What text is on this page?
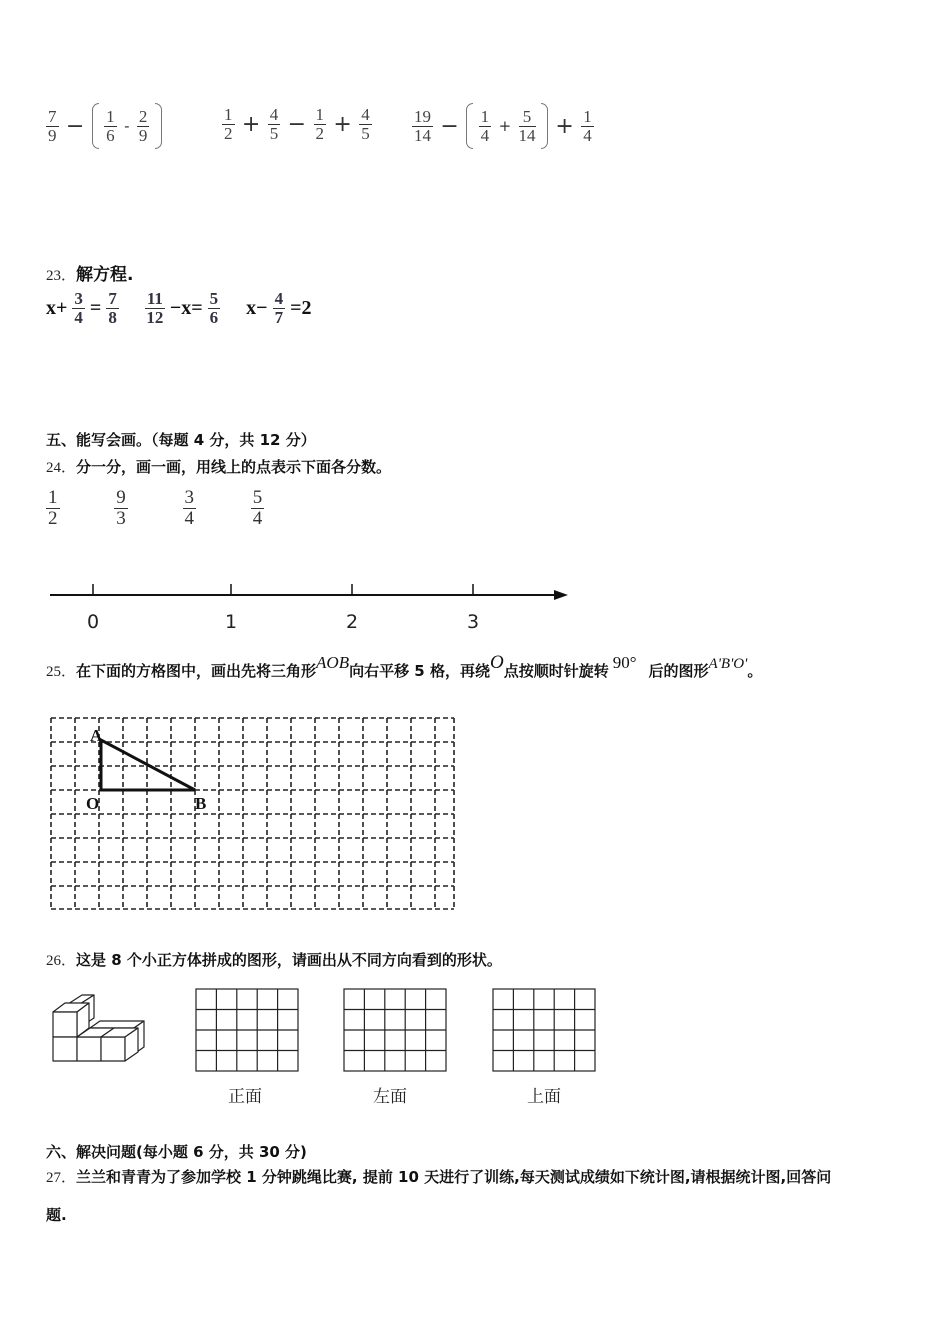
$\frac{7}{9} - \frac{1}{6} - \frac{2}{9}$
	$\frac{1}{2} + \frac{4}{5} - \frac{1}{2} + \frac{4}{5} \frac{19}{14} - \frac{1}{4} + \frac{5}{14} + \frac{1}{4}$
23．解方程.
$x+ \frac{3}{4} = \frac{7}{8}$
$\frac{11}{12} -x= \frac{5}{6} x- \frac{4}{7} =2$
五、能写会画。（每题 4 分，共 12 分）
24．分一分，画一画，用线上的点表示下面各分数。
$\frac{1}{2}$
	$\frac{9}{3}$
	$\frac{3}{4}$
	$\frac{5}{4}$
0	1	2	3
25．在下面的方格图中，画出先将三角形AOB向右平移 5 格，再绕O点按顺时针旋转 90° 后的图形A'B'O'。
A
O	B
26．这是 8 个小正方体拼成的图形，请画出从不同方向看到的形状。
正面	左面	上面
六、解决问题(每小题 6 分，共 30 分)
27．兰兰和青青为了参加学校 1 分钟跳绳比赛, 提前 10 天进行了训练,每天测试成绩如下统计图,请根据统计图,回答问
题.
